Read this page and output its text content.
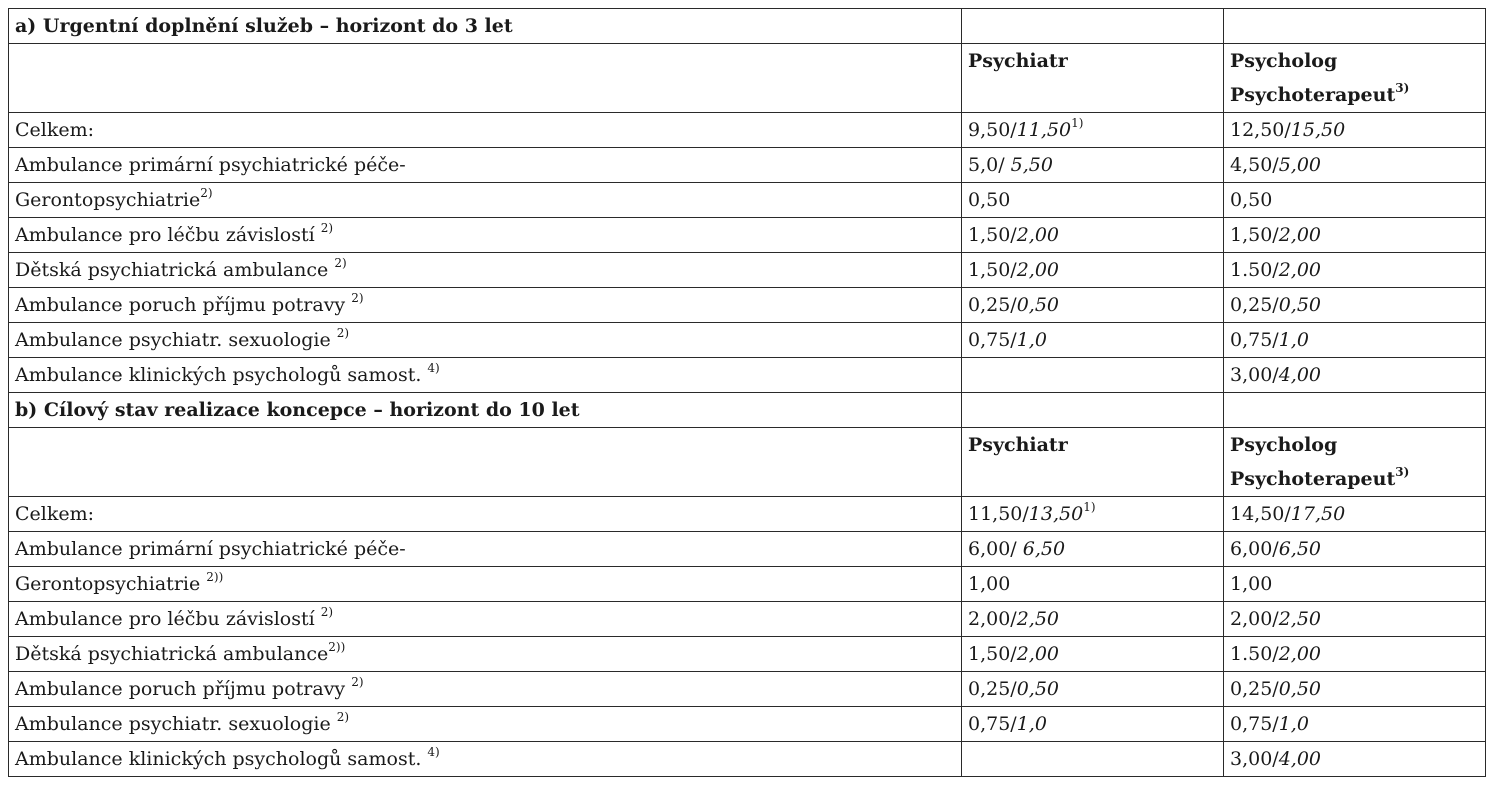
a) Urgentní doplnění služeb – horizont do 3 let		

	Psychiatr	Psycholog
Psychoterapeut$^{3)}$

Celkem:	9,50/11,50$^{1)}$	12,50/15,50
Ambulance primární psychiatrické péče-	5,0/ 5,50	4,50/5,00
Gerontopsychiatrie$^{2)}$	0,50	0,50
Ambulance pro léčbu závislostí $^{2)}$	1,50/2,00	1,50/2,00
Dětská psychiatrická ambulance $^{2)}$	1,50/2,00	1.50/2,00
Ambulance poruch příjmu potravy $^{2)}$	0,25/0,50	0,25/0,50
Ambulance psychiatr. sexuologie $^{2)}$	0,75/1,0	0,75/1,0
Ambulance klinických psychologů samost. $^{4)}$		3,00/4,00
b) Cílový stav realizace koncepce – horizont do 10 let		

	Psychiatr	Psycholog
Psychoterapeut$^{3)}$

Celkem:	11,50/13,50$^{1)}$	14,50/17,50
Ambulance primární psychiatrické péče-	6,00/ 6,50	6,00/6,50
Gerontopsychiatrie $^{2))}$	1,00	1,00
Ambulance pro léčbu závislostí $^{2)}$	2,00/2,50	2,00/2,50
Dětská psychiatrická ambulance$^{2))}$	1,50/2,00	1.50/2,00
Ambulance poruch příjmu potravy $^{2)}$	0,25/0,50	0,25/0,50
Ambulance psychiatr. sexuologie $^{2)}$	0,75/1,0	0,75/1,0
Ambulance klinických psychologů samost. $^{4)}$		3,00/4,00
